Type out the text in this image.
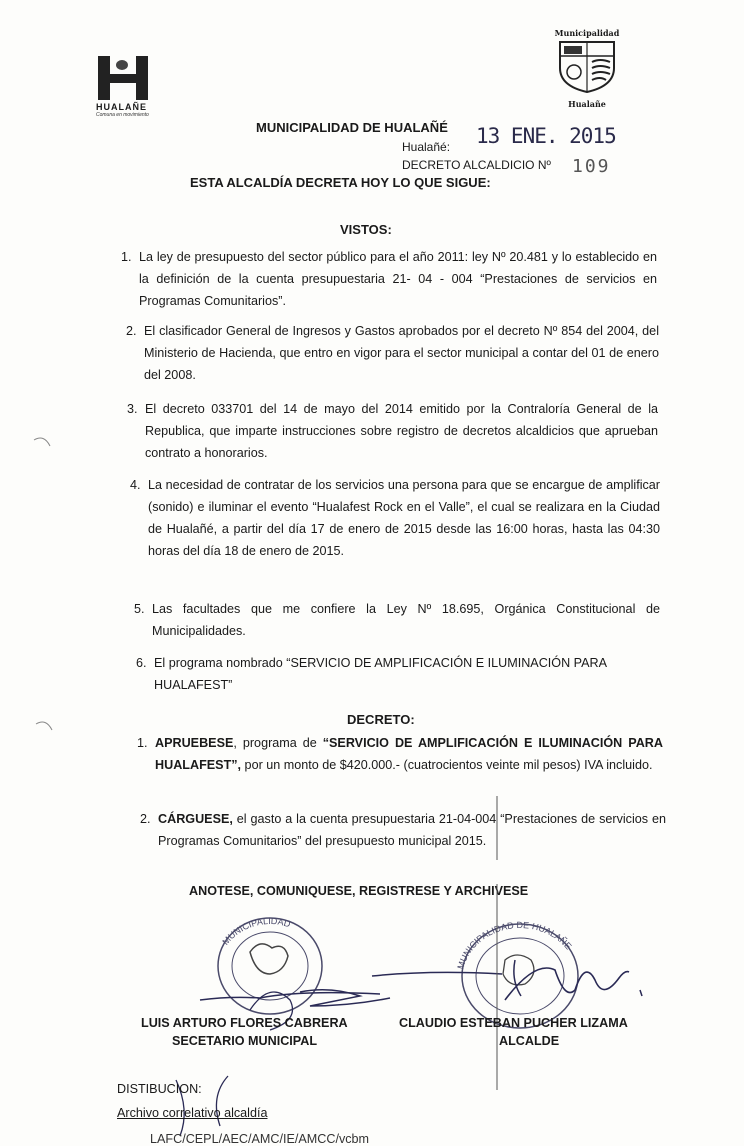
HUALAÑE
Comuna en movimiento
Municipalidad
Hualañe
MUNICIPALIDAD DE HUALAÑÉ 13 ENE. 2015
Hualañé:
DECRETO ALCALDICIO Nº 109
ESTA ALCALDÍA DECRETA HOY LO QUE SIGUE:
VISTOS:
1. La ley de presupuesto del sector público para el año 2011: ley Nº 20.481 y lo establecido en la definición de la cuenta presupuestaria 21- 04 - 004 “Prestaciones de servicios en Programas Comunitarios”.
2. El clasificador General de Ingresos y Gastos aprobados por el decreto Nº 854 del 2004, del Ministerio de Hacienda, que entro en vigor para el sector municipal a contar del 01 de enero del 2008.
3. El decreto 033701 del 14 de mayo del 2014 emitido por la Contraloría General de la Republica, que imparte instrucciones sobre registro de decretos alcaldicios que aprueban contrato a honorarios.
4. La necesidad de contratar de los servicios una persona para que se encargue de amplificar (sonido) e iluminar el evento “Hualafest Rock en el Valle”, el cual se realizara en la Ciudad de Hualañé, a partir del día 17 de enero de 2015 desde las 16:00 horas, hasta las 04:30 horas del día 18 de enero de 2015.
5. Las facultades que me confiere la Ley Nº 18.695, Orgánica Constitucional de Municipalidades.
6. El programa nombrado “SERVICIO DE AMPLIFICACIÓN E ILUMINACIÓN PARA HUALAFEST”
DECRETO:
1. APRUEBESE, programa de “SERVICIO DE AMPLIFICACIÓN E ILUMINACIÓN PARA HUALAFEST”, por un monto de $420.000.- (cuatrocientos veinte mil pesos) IVA incluido.
2. CÁRGUESE, el gasto a la cuenta presupuestaria 21-04-004 “Prestaciones de servicios en Programas Comunitarios” del presupuesto municipal 2015.
ANOTESE, COMUNIQUESE, REGISTRESE Y ARCHIVESE
MUNICIPALIDAD
MUNICIPALIDAD DE HUALAÑE
LUIS ARTURO FLORES CABRERA
SECETARIO MUNICIPAL
CLAUDIO ESTEBAN PUCHER LIZAMA
ALCALDE
DISTIBUCION:
Archivo correlativo alcaldía
LAFC/CEPL/AEC/AMC/IE/AMCC/vcbm
